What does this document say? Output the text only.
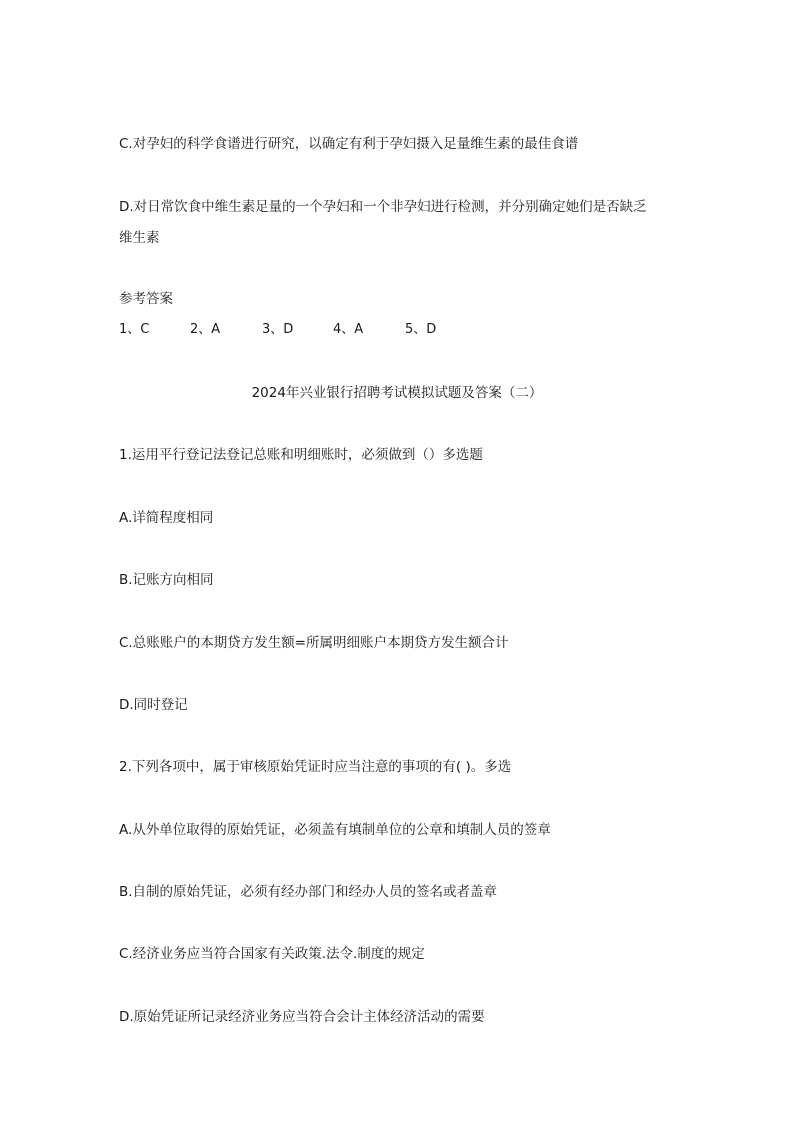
C.对孕妇的科学食谱进行研究，以确定有利于孕妇摄入足量维生素的最佳食谱
D.对日常饮食中维生素足量的一个孕妇和一个非孕妇进行检测，并分别确定她们是否缺乏
维生素
参考答案
1、C	2、A	3、D	4、A	5、D
2024年兴业银行招聘考试模拟试题及答案（二）
1.运用平行登记法登记总账和明细账时，必须做到（）多选题
A.详简程度相同
B.记账方向相同
C.总账账户的本期贷方发生额=所属明细账户本期贷方发生额合计
D.同时登记
2.下列各项中，属于审核原始凭证时应当注意的事项的有( )。多选
A.从外单位取得的原始凭证，必须盖有填制单位的公章和填制人员的签章
B.自制的原始凭证，必须有经办部门和经办人员的签名或者盖章
C.经济业务应当符合国家有关政策.法令.制度的规定
D.原始凭证所记录经济业务应当符合会计主体经济活动的需要
